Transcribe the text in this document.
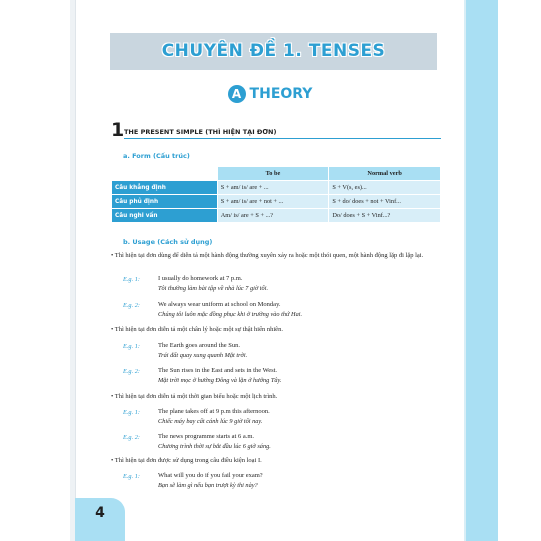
CHUYÊN ĐỀ 1. TENSES
A THEORY
1 THE PRESENT SIMPLE (THÌ HIỆN TẠI ĐƠN)
a. Form (Cấu trúc)
	To be	Normal verb
Câu khẳng định	S + am/ is/ are + ...	S + V(s, es)...
Câu phủ định	S + am/ is/ are + not + ...	S + do/ does + not + Vinf...
Câu nghi vấn	Am/ is/ are + S + ...?	Do/ does + S + Vinf...?
b. Usage (Cách sử dụng)
• Thì hiện tại đơn dùng để diễn tả một hành động thường xuyên xảy ra hoặc một thói quen, một hành động lặp đi lặp lại.
E.g. 1:	I usually do homework at 7 p.m.
Tôi thường làm bài tập về nhà lúc 7 giờ tối.
E.g. 2:	We always wear uniform at school on Monday.
Chúng tôi luôn mặc đồng phục khi ở trường vào thứ Hai.
• Thì hiện tại đơn diễn tả một chân lý hoặc một sự thật hiển nhiên.
E.g. 1:	The Earth goes around the Sun.
Trái đất quay xung quanh Mặt trời.
E.g. 2:	The Sun rises in the East and sets in the West.
Mặt trời mọc ở hướng Đông và lặn ở hướng Tây.
• Thì hiện tại đơn diễn tả một thời gian biểu hoặc một lịch trình.
E.g. 1:	The plane takes off at 9 p.m this afternoon.
Chiếc máy bay cất cánh lúc 9 giờ tối nay.
E.g. 2:	The news programme starts at 6 a.m.
Chương trình thời sự bắt đầu lúc 6 giờ sáng.
• Thì hiện tại đơn được sử dụng trong câu điều kiện loại I.
E.g. 1:	What will you do if you fail your exam?
Bạn sẽ làm gì nếu bạn trượt kỳ thi này?
4
